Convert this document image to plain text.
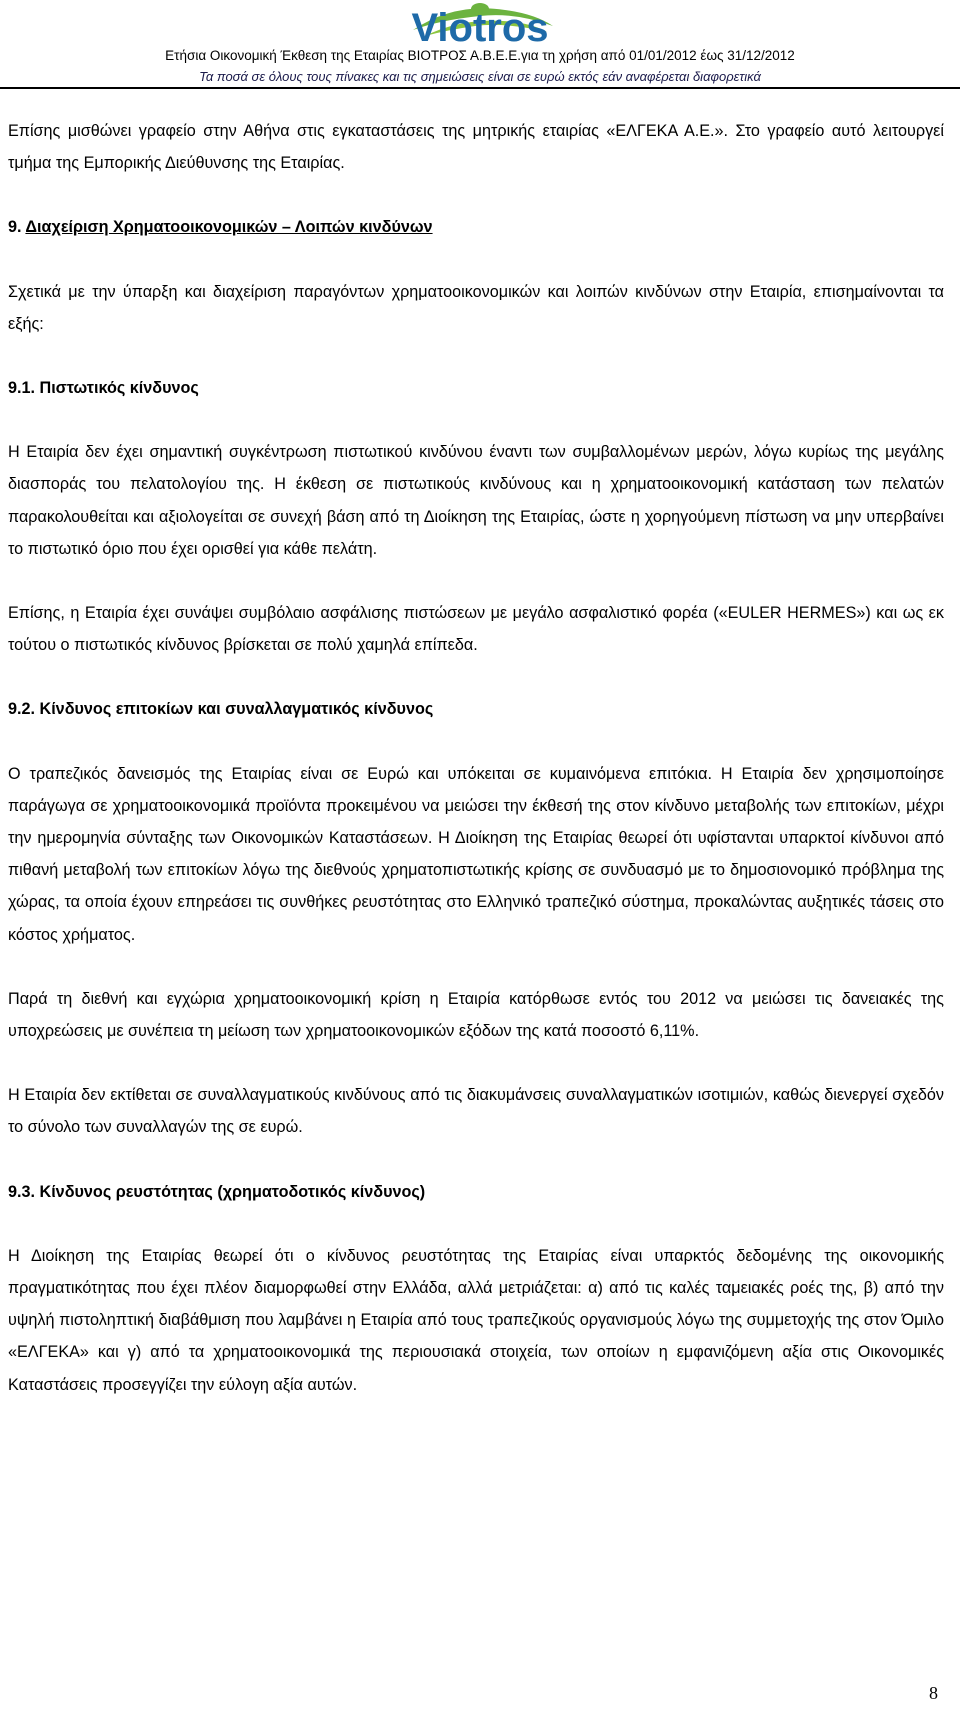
Viotros
Ετήσια Οικονομική Έκθεση της Εταιρίας ΒΙΟΤΡΟΣ Α.Β.Ε.Ε.για τη χρήση από 01/01/2012 έως 31/12/2012
Τα ποσά σε όλους τους πίνακες και τις σημειώσεις είναι σε ευρώ εκτός εάν αναφέρεται διαφορετικά

Επίσης μισθώνει γραφείο στην Αθήνα στις εγκαταστάσεις της μητρικής εταιρίας «ΕΛΓΕΚΑ Α.Ε.». Στο γραφείο αυτό λειτουργεί τμήμα της Εμπορικής Διεύθυνσης της Εταιρίας.

9. Διαχείριση Χρηματοοικονομικών – Λοιπών κινδύνων

Σχετικά με την ύπαρξη και διαχείριση παραγόντων χρηματοοικονομικών και λοιπών κινδύνων στην Εταιρία, επισημαίνονται τα εξής:

9.1. Πιστωτικός κίνδυνος

Η Εταιρία δεν έχει σημαντική συγκέντρωση πιστωτικού κινδύνου έναντι των συμβαλλομένων μερών, λόγω κυρίως της μεγάλης διασποράς του πελατολογίου της. Η έκθεση σε πιστωτικούς κινδύνους και η χρηματοοικονομική κατάσταση των πελατών παρακολουθείται και αξιολογείται σε συνεχή βάση από τη Διοίκηση της Εταιρίας, ώστε η χορηγούμενη πίστωση να μην υπερβαίνει το πιστωτικό όριο που έχει ορισθεί για κάθε πελάτη.

Επίσης, η Εταιρία έχει συνάψει συμβόλαιο ασφάλισης πιστώσεων με μεγάλο ασφαλιστικό φορέα («EULER HERMES») και ως εκ τούτου ο πιστωτικός κίνδυνος βρίσκεται σε πολύ χαμηλά επίπεδα.

9.2. Κίνδυνος επιτοκίων και συναλλαγματικός κίνδυνος

Ο τραπεζικός δανεισμός της Εταιρίας είναι σε Ευρώ και υπόκειται σε κυμαινόμενα επιτόκια. Η Εταιρία δεν χρησιμοποίησε παράγωγα σε χρηματοοικονομικά προϊόντα προκειμένου να μειώσει την έκθεσή της στον κίνδυνο μεταβολής των επιτοκίων, μέχρι την ημερομηνία σύνταξης των Οικονομικών Καταστάσεων. Η Διοίκηση της Εταιρίας θεωρεί ότι υφίστανται υπαρκτοί κίνδυνοι από πιθανή μεταβολή των επιτοκίων λόγω της διεθνούς χρηματοπιστωτικής κρίσης σε συνδυασμό με το δημοσιονομικό πρόβλημα της χώρας, τα οποία έχουν επηρεάσει τις συνθήκες ρευστότητας στο Ελληνικό τραπεζικό σύστημα, προκαλώντας αυξητικές τάσεις στο κόστος χρήματος.

Παρά τη διεθνή και εγχώρια χρηματοοικονομική κρίση η Εταιρία κατόρθωσε εντός του 2012 να μειώσει τις δανειακές της υποχρεώσεις με συνέπεια τη μείωση των χρηματοοικονομικών εξόδων της κατά ποσοστό 6,11%.

Η Εταιρία δεν εκτίθεται σε συναλλαγματικούς κινδύνους από τις διακυμάνσεις συναλλαγματικών ισοτιμιών, καθώς διενεργεί σχεδόν το σύνολο των συναλλαγών της σε ευρώ.

9.3. Κίνδυνος ρευστότητας (χρηματοδοτικός κίνδυνος)

Η Διοίκηση της Εταιρίας θεωρεί ότι ο κίνδυνος ρευστότητας της Εταιρίας είναι υπαρκτός δεδομένης της οικονομικής πραγματικότητας που έχει πλέον διαμορφωθεί στην Ελλάδα, αλλά μετριάζεται: α) από τις καλές ταμειακές ροές της, β) από την υψηλή πιστοληπτική διαβάθμιση που λαμβάνει η Εταιρία από τους τραπεζικούς οργανισμούς λόγω της συμμετοχής της στον Όμιλο «ΕΛΓΕΚΑ» και γ) από τα χρηματοοικονομικά της περιουσιακά στοιχεία, των οποίων η εμφανιζόμενη αξία στις Οικονομικές Καταστάσεις προσεγγίζει την εύλογη αξία αυτών.

8
